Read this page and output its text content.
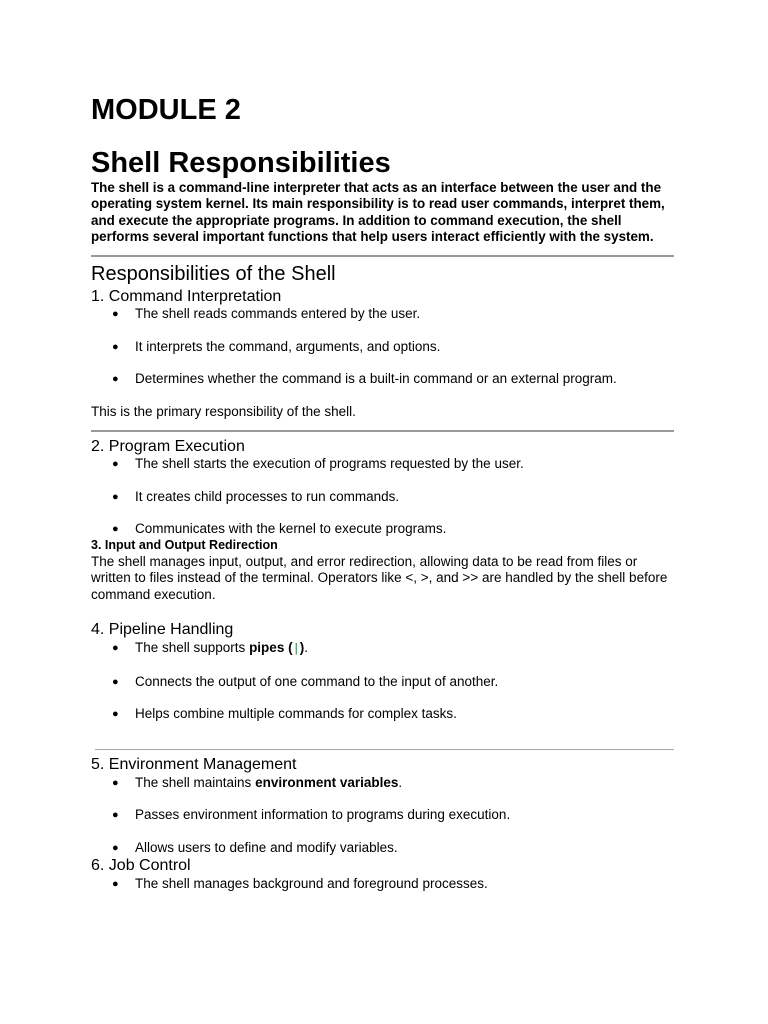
MODULE 2
Shell Responsibilities

The shell is a command-line interpreter that acts as an interface between the user and the operating system kernel. Its main responsibility is to read user commands, interpret them, and execute the appropriate programs. In addition to command execution, the shell performs several important functions that help users interact efficiently with the system.

Responsibilities of the Shell
1. Command Interpretation
● The shell reads commands entered by the user.
● It interprets the command, arguments, and options.
● Determines whether the command is a built-in command or an external program.

This is the primary responsibility of the shell.

2. Program Execution
● The shell starts the execution of programs requested by the user.
● It creates child processes to run commands.
● Communicates with the kernel to execute programs.
3. Input and Output Redirection

The shell manages input, output, and error redirection, allowing data to be read from files or written to files instead of the terminal. Operators like <, >, and >> are handled by the shell before command execution.

4. Pipeline Handling
● The shell supports pipes (|).
● Connects the output of one command to the input of another.
● Helps combine multiple commands for complex tasks.
5. Environment Management
● The shell maintains environment variables.
● Passes environment information to programs during execution.
● Allows users to define and modify variables.
6. Job Control
● The shell manages background and foreground processes.
